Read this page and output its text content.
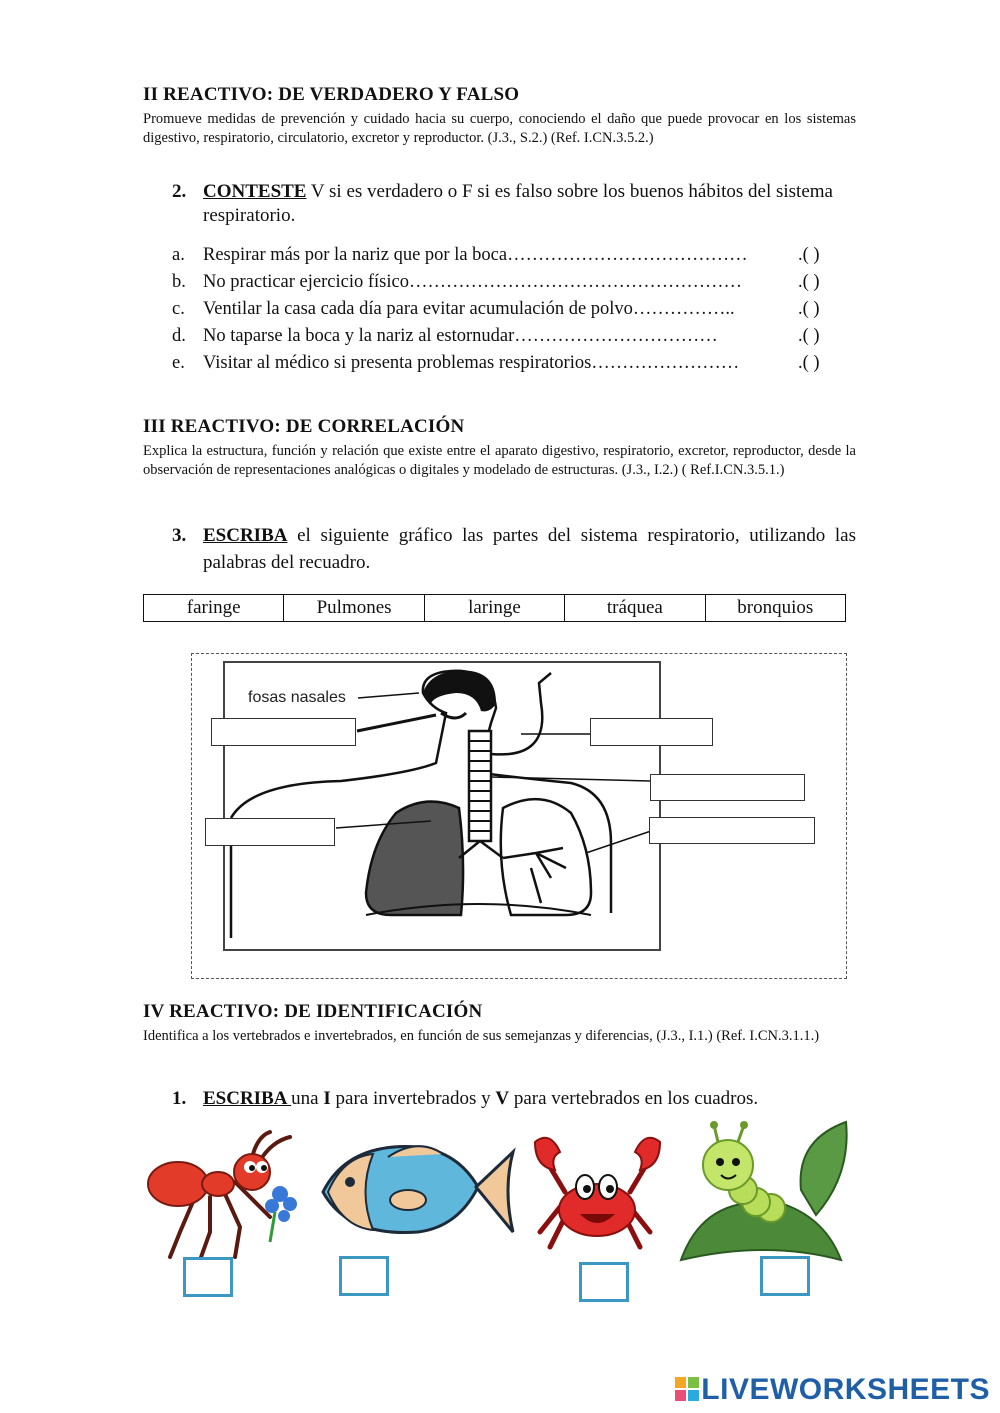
II REACTIVO: DE VERDADERO Y FALSO
Promueve medidas de prevención y cuidado hacia su cuerpo, conociendo el daño que puede provocar en los sistemas digestivo, respiratorio, circulatorio, excretor y reproductor. (J.3., S.2.) (Ref. I.CN.3.5.2.)
2. CONTESTE V si es verdadero o F si es falso sobre los buenos hábitos del sistema respiratorio.
a. Respirar más por la nariz que por la boca…………………………………	.( )
b. No practicar ejercicio físico………………………………………………	.( )
c. Ventilar la casa cada día para evitar acumulación de polvo……………..	.( )
d. No taparse la boca y la nariz al estornudar……………………………	.( )
e. Visitar al médico si presenta problemas respiratorios……………………	.( )
III REACTIVO: DE CORRELACIÓN
Explica la estructura, función y relación que existe entre el aparato digestivo, respiratorio, excretor, reproductor, desde la observación de representaciones analógicas o digitales y modelado de estructuras. (J.3., I.2.) ( Ref.I.CN.3.5.1.)
3. ESCRIBA el siguiente gráfico las partes del sistema respiratorio, utilizando las palabras del recuadro.
faringe	Pulmones	laringe	tráquea	bronquios
fosas nasales
IV REACTIVO: DE IDENTIFICACIÓN
Identifica a los vertebrados e invertebrados, en función de sus semejanzas y diferencias, (J.3., I.1.) (Ref. I.CN.3.1.1.)
1. ESCRIBA una I para invertebrados y V para vertebrados en los cuadros.
LIVEWORKSHEETS
